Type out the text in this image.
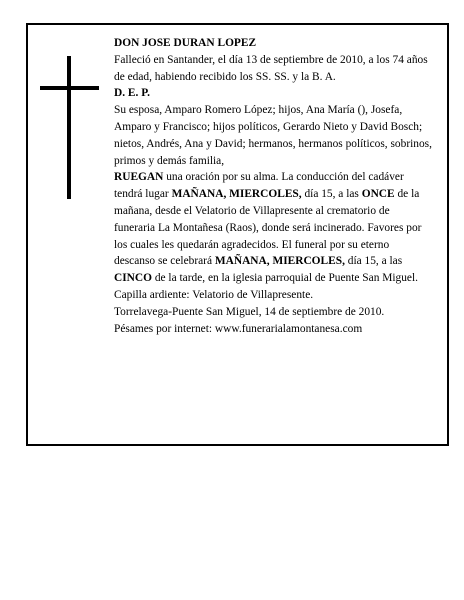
DON JOSE DURAN LOPEZ

Falleció en Santander, el día 13 de septiembre de 2010, a los 74 años de edad, habiendo recibido los SS. SS. y la B. A.

D. E. P.

Su esposa, Amparo Romero López; hijos, Ana María (), Josefa, Amparo y Francisco; hijos políticos, Gerardo Nieto y David Bosch; nietos, Andrés, Ana y David; hermanos, hermanos políticos, sobrinos, primos y demás familia,

RUEGAN una oración por su alma. La conducción del cadáver tendrá lugar MAÑANA, MIERCOLES, día 15, a las ONCE de la mañana, desde el Velatorio de Villapresente al crematorio de funeraria La Montañesa (Raos), donde será incinerado. Favores por los cuales les quedarán agradecidos. El funeral por su eterno descanso se celebrará MAÑANA, MIERCOLES, día 15, a las CINCO de la tarde, en la iglesia parroquial de Puente San Miguel. Capilla ardiente: Velatorio de Villapresente.

Torrelavega-Puente San Miguel, 14 de septiembre de 2010.

Pésames por internet: www.funerarialamontanesa.com
